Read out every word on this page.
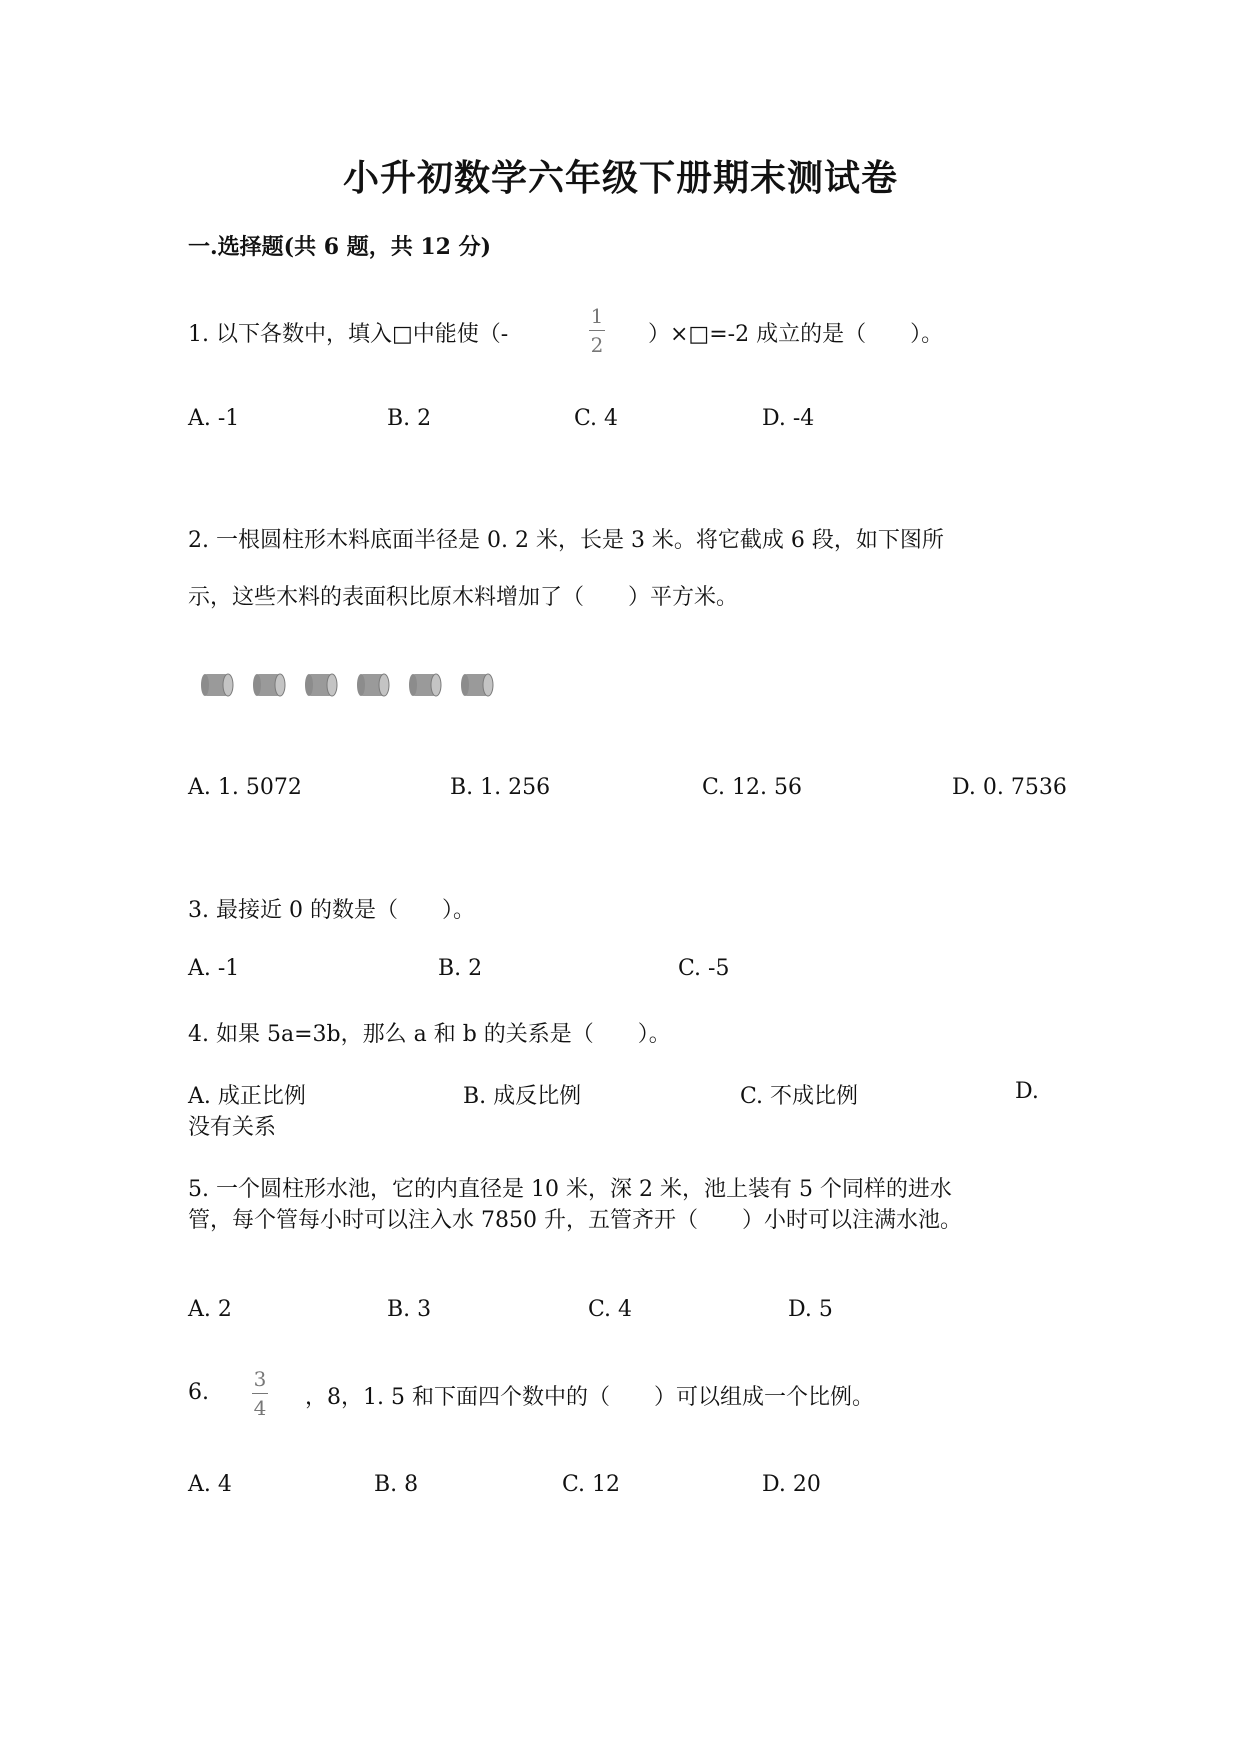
小升初数学六年级下册期末测试卷
一.选择题(共 6 题，共 12 分)
1. 以下各数中，填入□中能使（-
1
2 ）×□=-2 成立的是（　　）。
A. -1	B. 2	C. 4	D. -4
2. 一根圆柱形木料底面半径是 0. 2 米，长是 3 米。将它截成 6 段，如下图所
示，这些木料的表面积比原木料增加了（　　）平方米。
A. 1. 5072	B. 1. 256	C. 12. 56	D. 0. 7536
3. 最接近 0 的数是（　　）。
A. -1	B. 2	C. -5
4. 如果 5a=3b，那么 a 和 b 的关系是（　　）。
A. 成正比例	B. 成反比例	C. 不成比例	D.
没有关系
5. 一个圆柱形水池，它的内直径是 10 米，深 2 米，池上装有 5 个同样的进水
管，每个管每小时可以注入水 7850 升，五管齐开（　　）小时可以注满水池。
A. 2	B. 3	C. 4	D. 5
6.
3
4 ，8，1. 5 和下面四个数中的（　　）可以组成一个比例。
A. 4	B. 8	C. 12	D. 20
